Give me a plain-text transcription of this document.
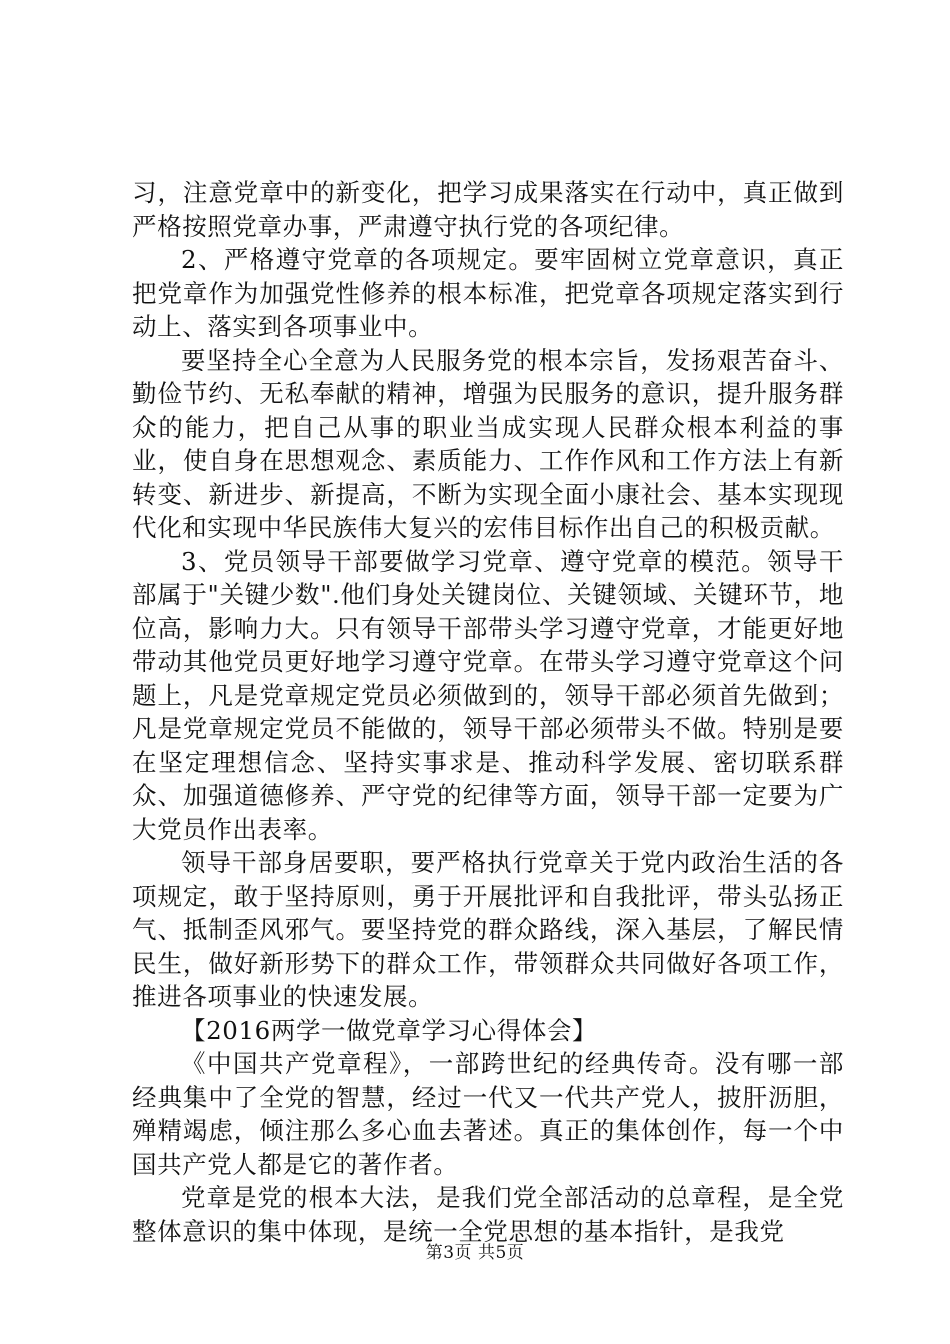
习，注意党章中的新变化，把学习成果落实在行动中，真正做到严格按照党章办事，严肃遵守执行党的各项纪律。

2、严格遵守党章的各项规定。要牢固树立党章意识，真正把党章作为加强党性修养的根本标准，把党章各项规定落实到行动上、落实到各项事业中。

要坚持全心全意为人民服务党的根本宗旨，发扬艰苦奋斗、勤俭节约、无私奉献的精神，增强为民服务的意识，提升服务群众的能力，把自己从事的职业当成实现人民群众根本利益的事业，使自身在思想观念、素质能力、工作作风和工作方法上有新转变、新进步、新提高，不断为实现全面小康社会、基本实现现代化和实现中华民族伟大复兴的宏伟目标作出自己的积极贡献。

3、党员领导干部要做学习党章、遵守党章的模范。领导干部属于"关键少数".他们身处关键岗位、关键领域、关键环节，地位高，影响力大。只有领导干部带头学习遵守党章，才能更好地带动其他党员更好地学习遵守党章。在带头学习遵守党章这个问题上，凡是党章规定党员必须做到的，领导干部必须首先做到；凡是党章规定党员不能做的，领导干部必须带头不做。特别是要在坚定理想信念、坚持实事求是、推动科学发展、密切联系群众、加强道德修养、严守党的纪律等方面，领导干部一定要为广大党员作出表率。

领导干部身居要职，要严格执行党章关于党内政治生活的各项规定，敢于坚持原则，勇于开展批评和自我批评，带头弘扬正气、抵制歪风邪气。要坚持党的群众路线，深入基层，了解民情民生，做好新形势下的群众工作，带领群众共同做好各项工作，推进各项事业的快速发展。

【2016两学一做党章学习心得体会】

《中国共产党章程》，一部跨世纪的经典传奇。没有哪一部经典集中了全党的智慧，经过一代又一代共产党人，披肝沥胆，殚精竭虑，倾注那么多心血去著述。真正的集体创作，每一个中国共产党人都是它的著作者。

党章是党的根本大法，是我们党全部活动的总章程，是全党整体意识的集中体现，是统一全党思想的基本指针，是我党

第3页 共5页
